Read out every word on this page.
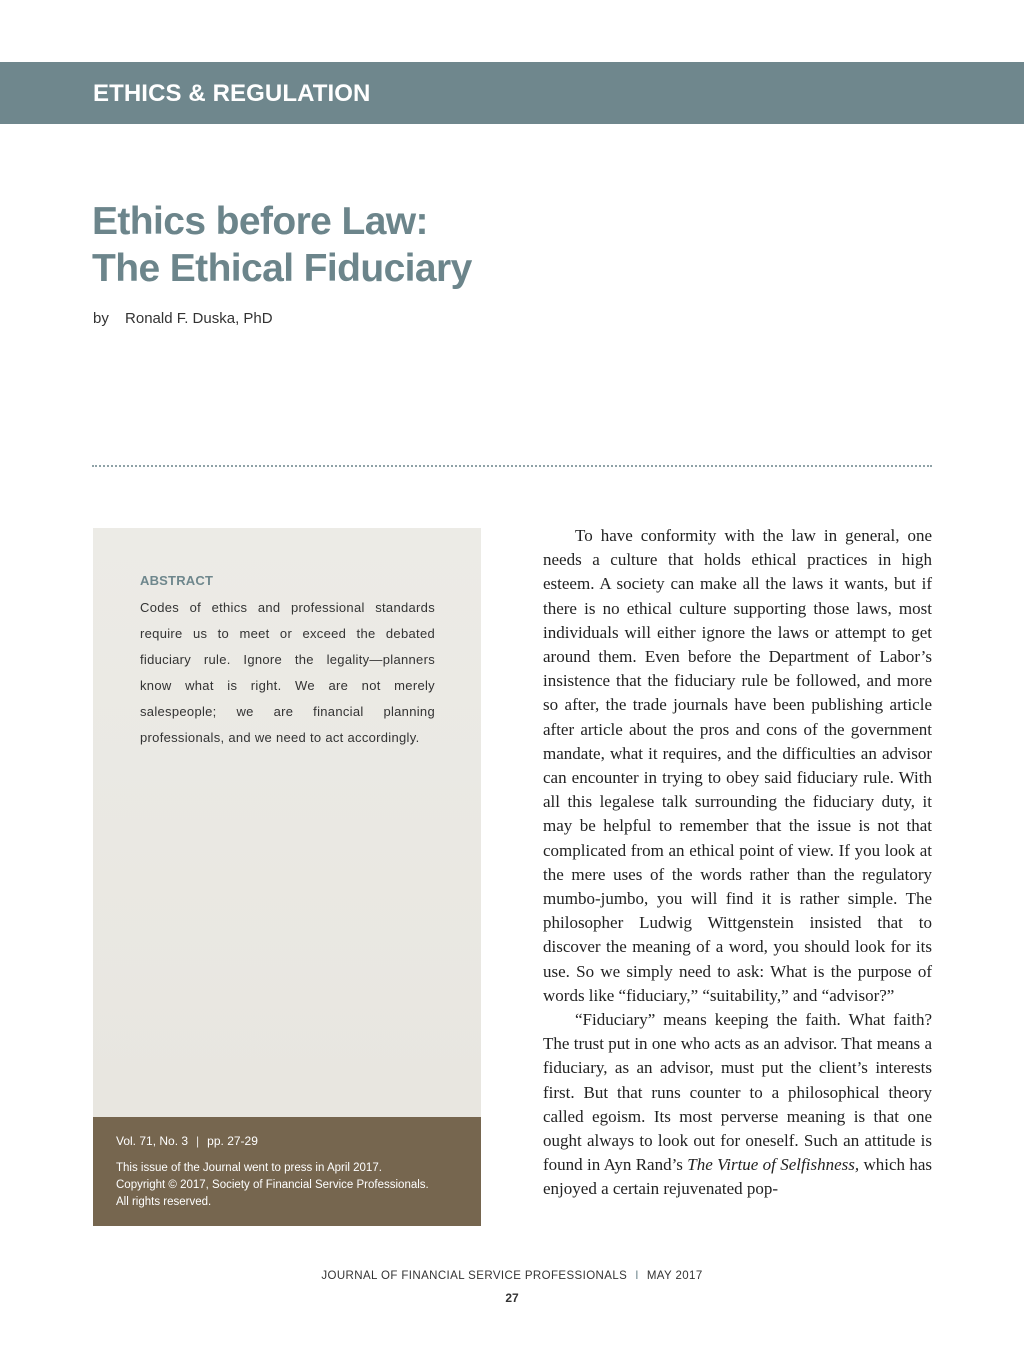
ETHICS & REGULATION
Ethics before Law:
The Ethical Fiduciary
by Ronald F. Duska, PhD
ABSTRACT

Codes of ethics and professional standards require us to meet or exceed the debated fiduciary rule. Ignore the legality—planners know what is right. We are not merely salespeople; we are financial planning professionals, and we need to act accordingly.

Vol. 71, No. 3 | pp. 27-29
This issue of the Journal went to press in April 2017.
Copyright © 2017, Society of Financial Service Professionals.
All rights reserved.

To have conformity with the law in general, one needs a culture that holds ethical practices in high esteem. A society can make all the laws it wants, but if there is no ethical culture supporting those laws, most individuals will either ignore the laws or attempt to get around them. Even before the Department of Labor’s insistence that the fiduciary rule be followed, and more so after, the trade journals have been publishing article after article about the pros and cons of the government mandate, what it requires, and the difficulties an advisor can encounter in trying to obey said fiduciary rule. With all this legalese talk surrounding the fiduciary duty, it may be helpful to remember that the issue is not that complicated from an ethical point of view. If you look at the mere uses of the words rather than the regulatory mumbo-jumbo, you will find it is rather simple. The philosopher Ludwig Wittgenstein insisted that to discover the meaning of a word, you should look for its use. So we simply need to ask: What is the purpose of words like “fiduciary,” “suitability,” and “advisor?”

“Fiduciary” means keeping the faith. What faith? The trust put in one who acts as an advisor. That means a fiduciary, as an advisor, must put the client’s interests first. But that runs counter to a philosophical theory called egoism. Its most perverse meaning is that one ought always to look out for oneself. Such an attitude is found in Ayn Rand’s The Virtue of Selfishness, which has enjoyed a certain rejuvenated pop-

JOURNAL OF FINANCIAL SERVICE PROFESSIONALS I MAY 2017
27
